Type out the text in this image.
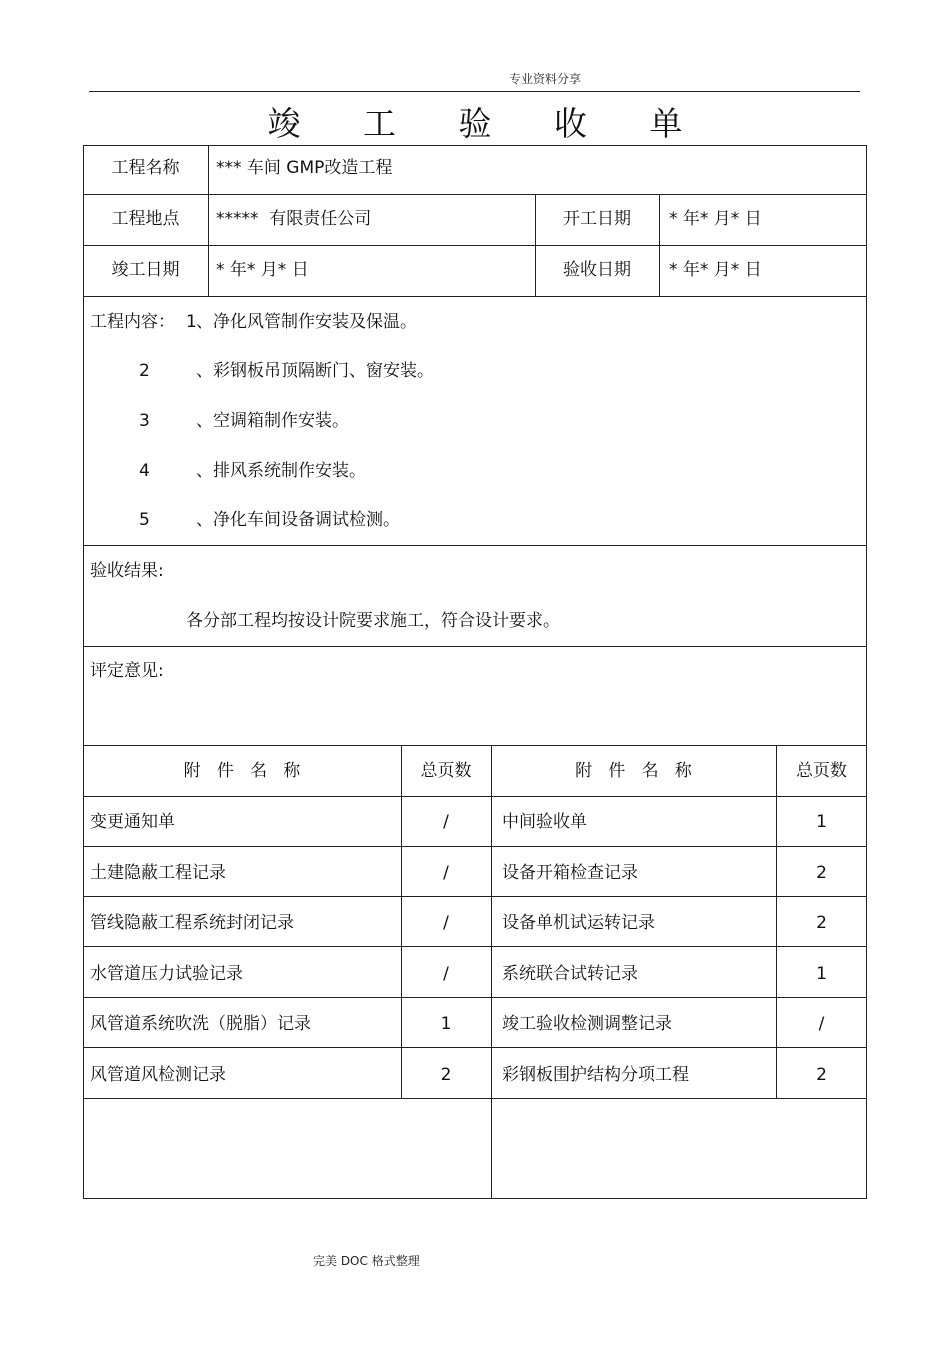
专业资料分享
竣 工 验 收 单
工程名称	*** 车间 GMP改造工程
工程地点	*****  有限责任公司	开工日期	* 年* 月* 日
竣工日期	* 年* 月* 日	验收日期	* 年* 月* 日
工程内容： 1 、净化风管制作安装及保温。
2	、彩钢板吊顶隔断门、窗安装。
3	、空调箱制作安装。
4	、排风系统制作安装。
5	、净化车间设备调试检测。
验收结果:
各分部工程均按设计院要求施工，符合设计要求。
评定意见:
附   件   名   称	总页数	附   件   名   称	总页数
变更通知单	/	中间验收单	1
土建隐蔽工程记录	/	设备开箱检查记录	2
管线隐蔽工程系统封闭记录	/	设备单机试运转记录	2
水管道压力试验记录	/	系统联合试转记录	1
风管道系统吹洗（脱脂）记录	1	竣工验收检测调整记录	/
风管道风检测记录	2	彩钢板围护结构分项工程	2
完美 DOC 格式整理
